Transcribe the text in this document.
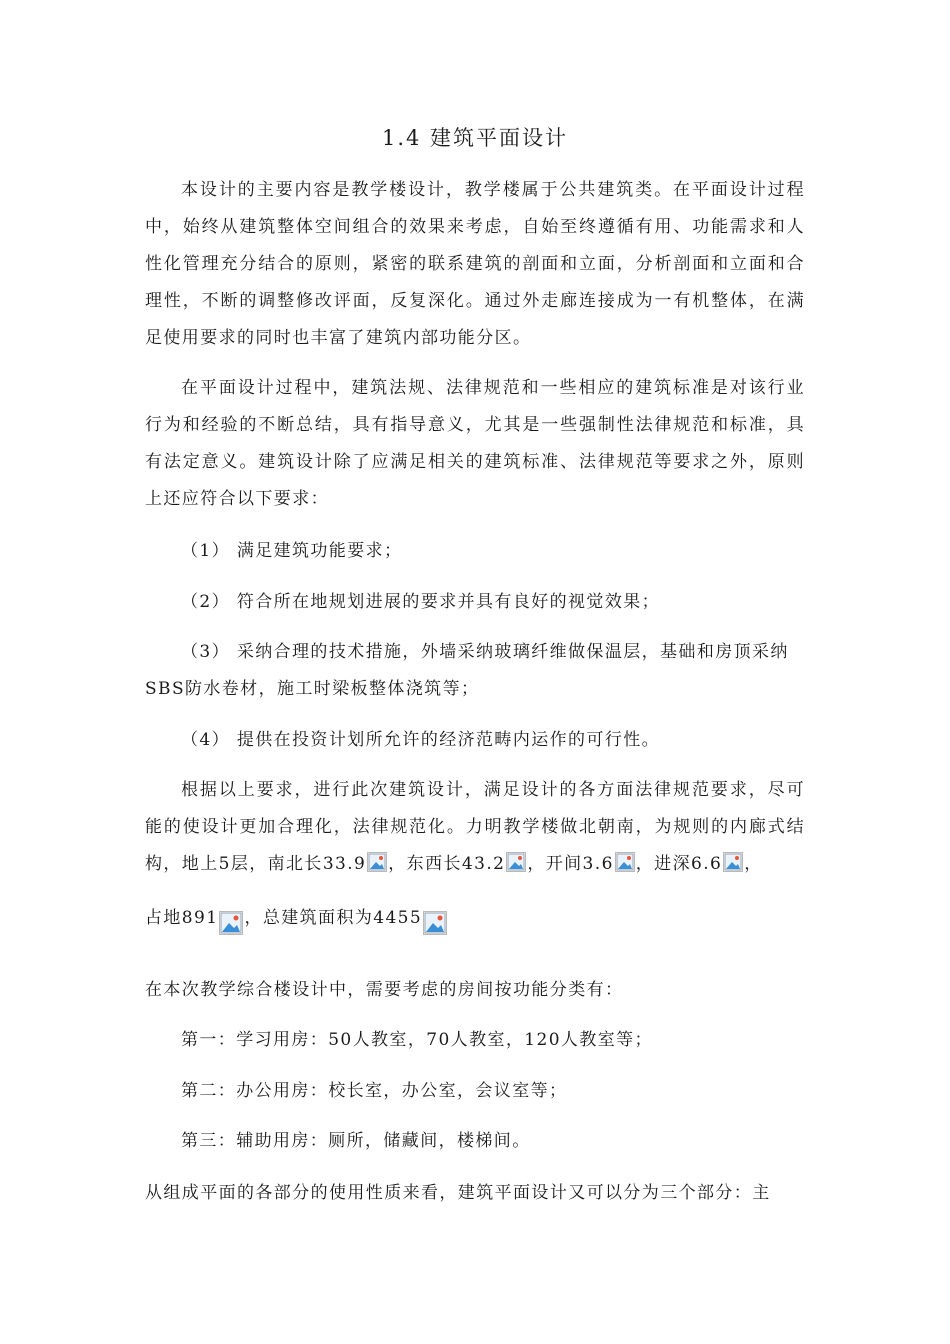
1.4 建筑平面设计

本设计的主要内容是教学楼设计，教学楼属于公共建筑类。在平面设计过程中，始终从建筑整体空间组合的效果来考虑，自始至终遵循有用、功能需求和人性化管理充分结合的原则，紧密的联系建筑的剖面和立面，分析剖面和立面和合理性，不断的调整修改评面，反复深化。通过外走廊连接成为一有机整体，在满足使用要求的同时也丰富了建筑内部功能分区。

在平面设计过程中，建筑法规、法律规范和一些相应的建筑标准是对该行业行为和经验的不断总结，具有指导意义，尤其是一些强制性法律规范和标准，具有法定意义。建筑设计除了应满足相关的建筑标准、法律规范等要求之外，原则上还应符合以下要求：

（1） 满足建筑功能要求；

（2） 符合所在地规划进展的要求并具有良好的视觉效果；

（3） 采纳合理的技术措施，外墙采纳玻璃纤维做保温层，基础和房顶采纳

SBS防水卷材，施工时梁板整体浇筑等；

（4） 提供在投资计划所允许的经济范畴内运作的可行性。

根据以上要求，进行此次建筑设计，满足设计的各方面法律规范要求，尽可能的使设计更加合理化，法律规范化。力明教学楼做北朝南，为规则的内廊式结构，地上5层，南北长33.9 ，东西长43.2 ，开间3.6 ，进深6.6 ，

占地891 ，总建筑面积为4455

在本次教学综合楼设计中，需要考虑的房间按功能分类有：

第一：学习用房：50人教室，70人教室，120人教室等；

第二：办公用房：校长室，办公室，会议室等；

第三：辅助用房：厕所，储藏间，楼梯间。

从组成平面的各部分的使用性质来看，建筑平面设计又可以分为三个部分：主
